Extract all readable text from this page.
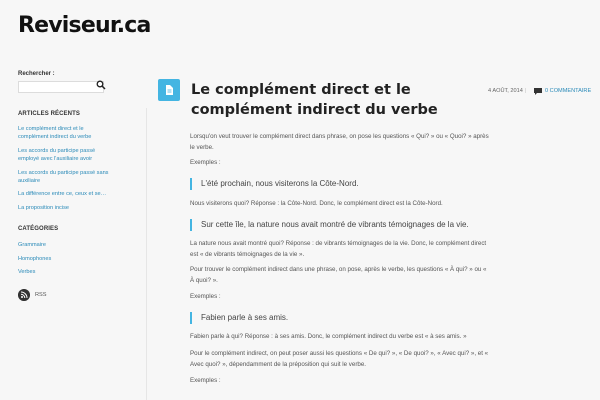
Reviseur.ca
Rechercher :
ARTICLES RÉCENTS
Le complément direct et le complément indirect du verbe
Les accords du participe passé employé avec l'auxiliaire avoir
Les accords du participe passé sans auxiliaire
La différence entre ce, ceux et se…
La proposition incise
CATÉGORIES
Grammaire
Homophones
Verbes
RSS
Le complément direct et le complément indirect du verbe
4 AOÛT, 2014 |	0 COMMENTAIRE

Lorsqu'on veut trouver le complément direct dans phrase, on pose les questions « Qui? » ou « Quoi? » après le verbe.

Exemples :

L'été prochain, nous visiterons la Côte-Nord.

Nous visiterons quoi? Réponse : la Côte-Nord. Donc, le complément direct est la Côte-Nord.

Sur cette île, la nature nous avait montré de vibrants témoignages de la vie.

La nature nous avait montré quoi? Réponse : de vibrants témoignages de la vie. Donc, le complément direct est « de vibrants témoignages de la vie ».

Pour trouver le complément indirect dans une phrase, on pose, après le verbe, les questions « À qui? » ou « À quoi? ».

Exemples :

Fabien parle à ses amis.

Fabien parle à qui? Réponse : à ses amis. Donc, le complément indirect du verbe est « à ses amis. »

Pour le complément indirect, on peut poser aussi les questions « De qui? », « De quoi? », « Avec qui? », et « Avec quoi? », dépendamment de la préposition qui suit le verbe.

Exemples :
